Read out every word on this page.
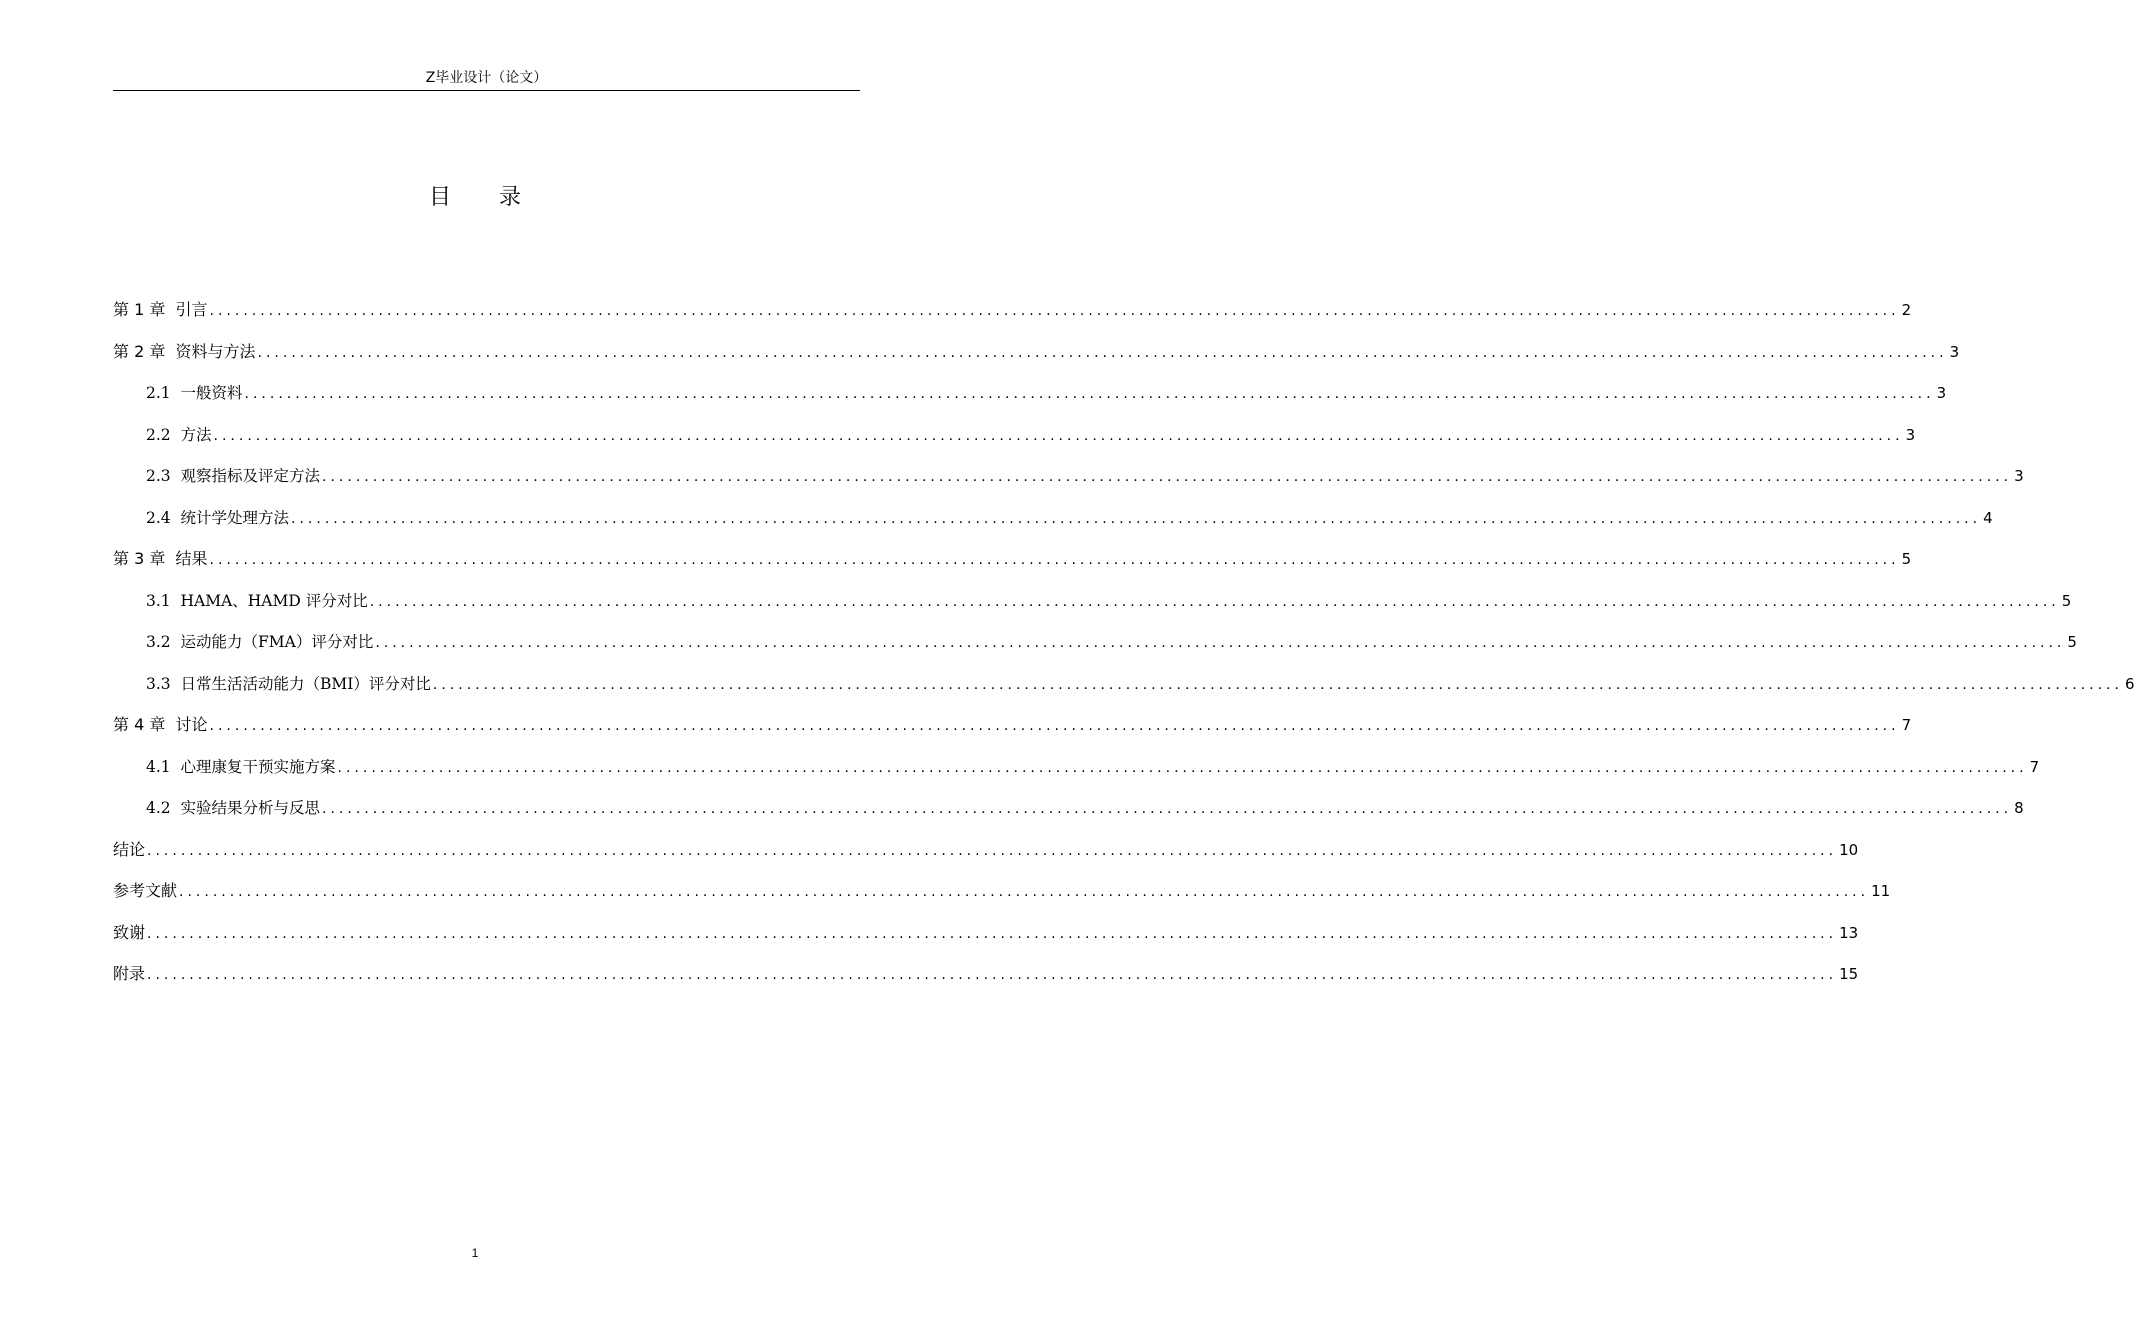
Z毕业设计（论文）
目录
第 1 章  引言 ........................................................................................................................................................................................................ 2
第 2 章  资料与方法 ........................................................................................................................................................................................................ 3
2.1  一般资料 ........................................................................................................................................................................................................ 3
2.2  方法 ........................................................................................................................................................................................................ 3
2.3  观察指标及评定方法 ........................................................................................................................................................................................................ 3
2.4  统计学处理方法 ........................................................................................................................................................................................................ 4
第 3 章  结果 ........................................................................................................................................................................................................ 5
3.1  HAMA、HAMD 评分对比 ........................................................................................................................................................................................................ 5
3.2  运动能力（FMA）评分对比 ........................................................................................................................................................................................................ 5
3.3  日常生活活动能力（BMI）评分对比 ........................................................................................................................................................................................................ 6
第 4 章  讨论 ........................................................................................................................................................................................................ 7
4.1  心理康复干预实施方案 ........................................................................................................................................................................................................ 7
4.2  实验结果分析与反思 ........................................................................................................................................................................................................ 8
结论 ........................................................................................................................................................................................................ 10
参考文献 ........................................................................................................................................................................................................ 11
致谢 ........................................................................................................................................................................................................ 13
附录 ........................................................................................................................................................................................................ 15
1
